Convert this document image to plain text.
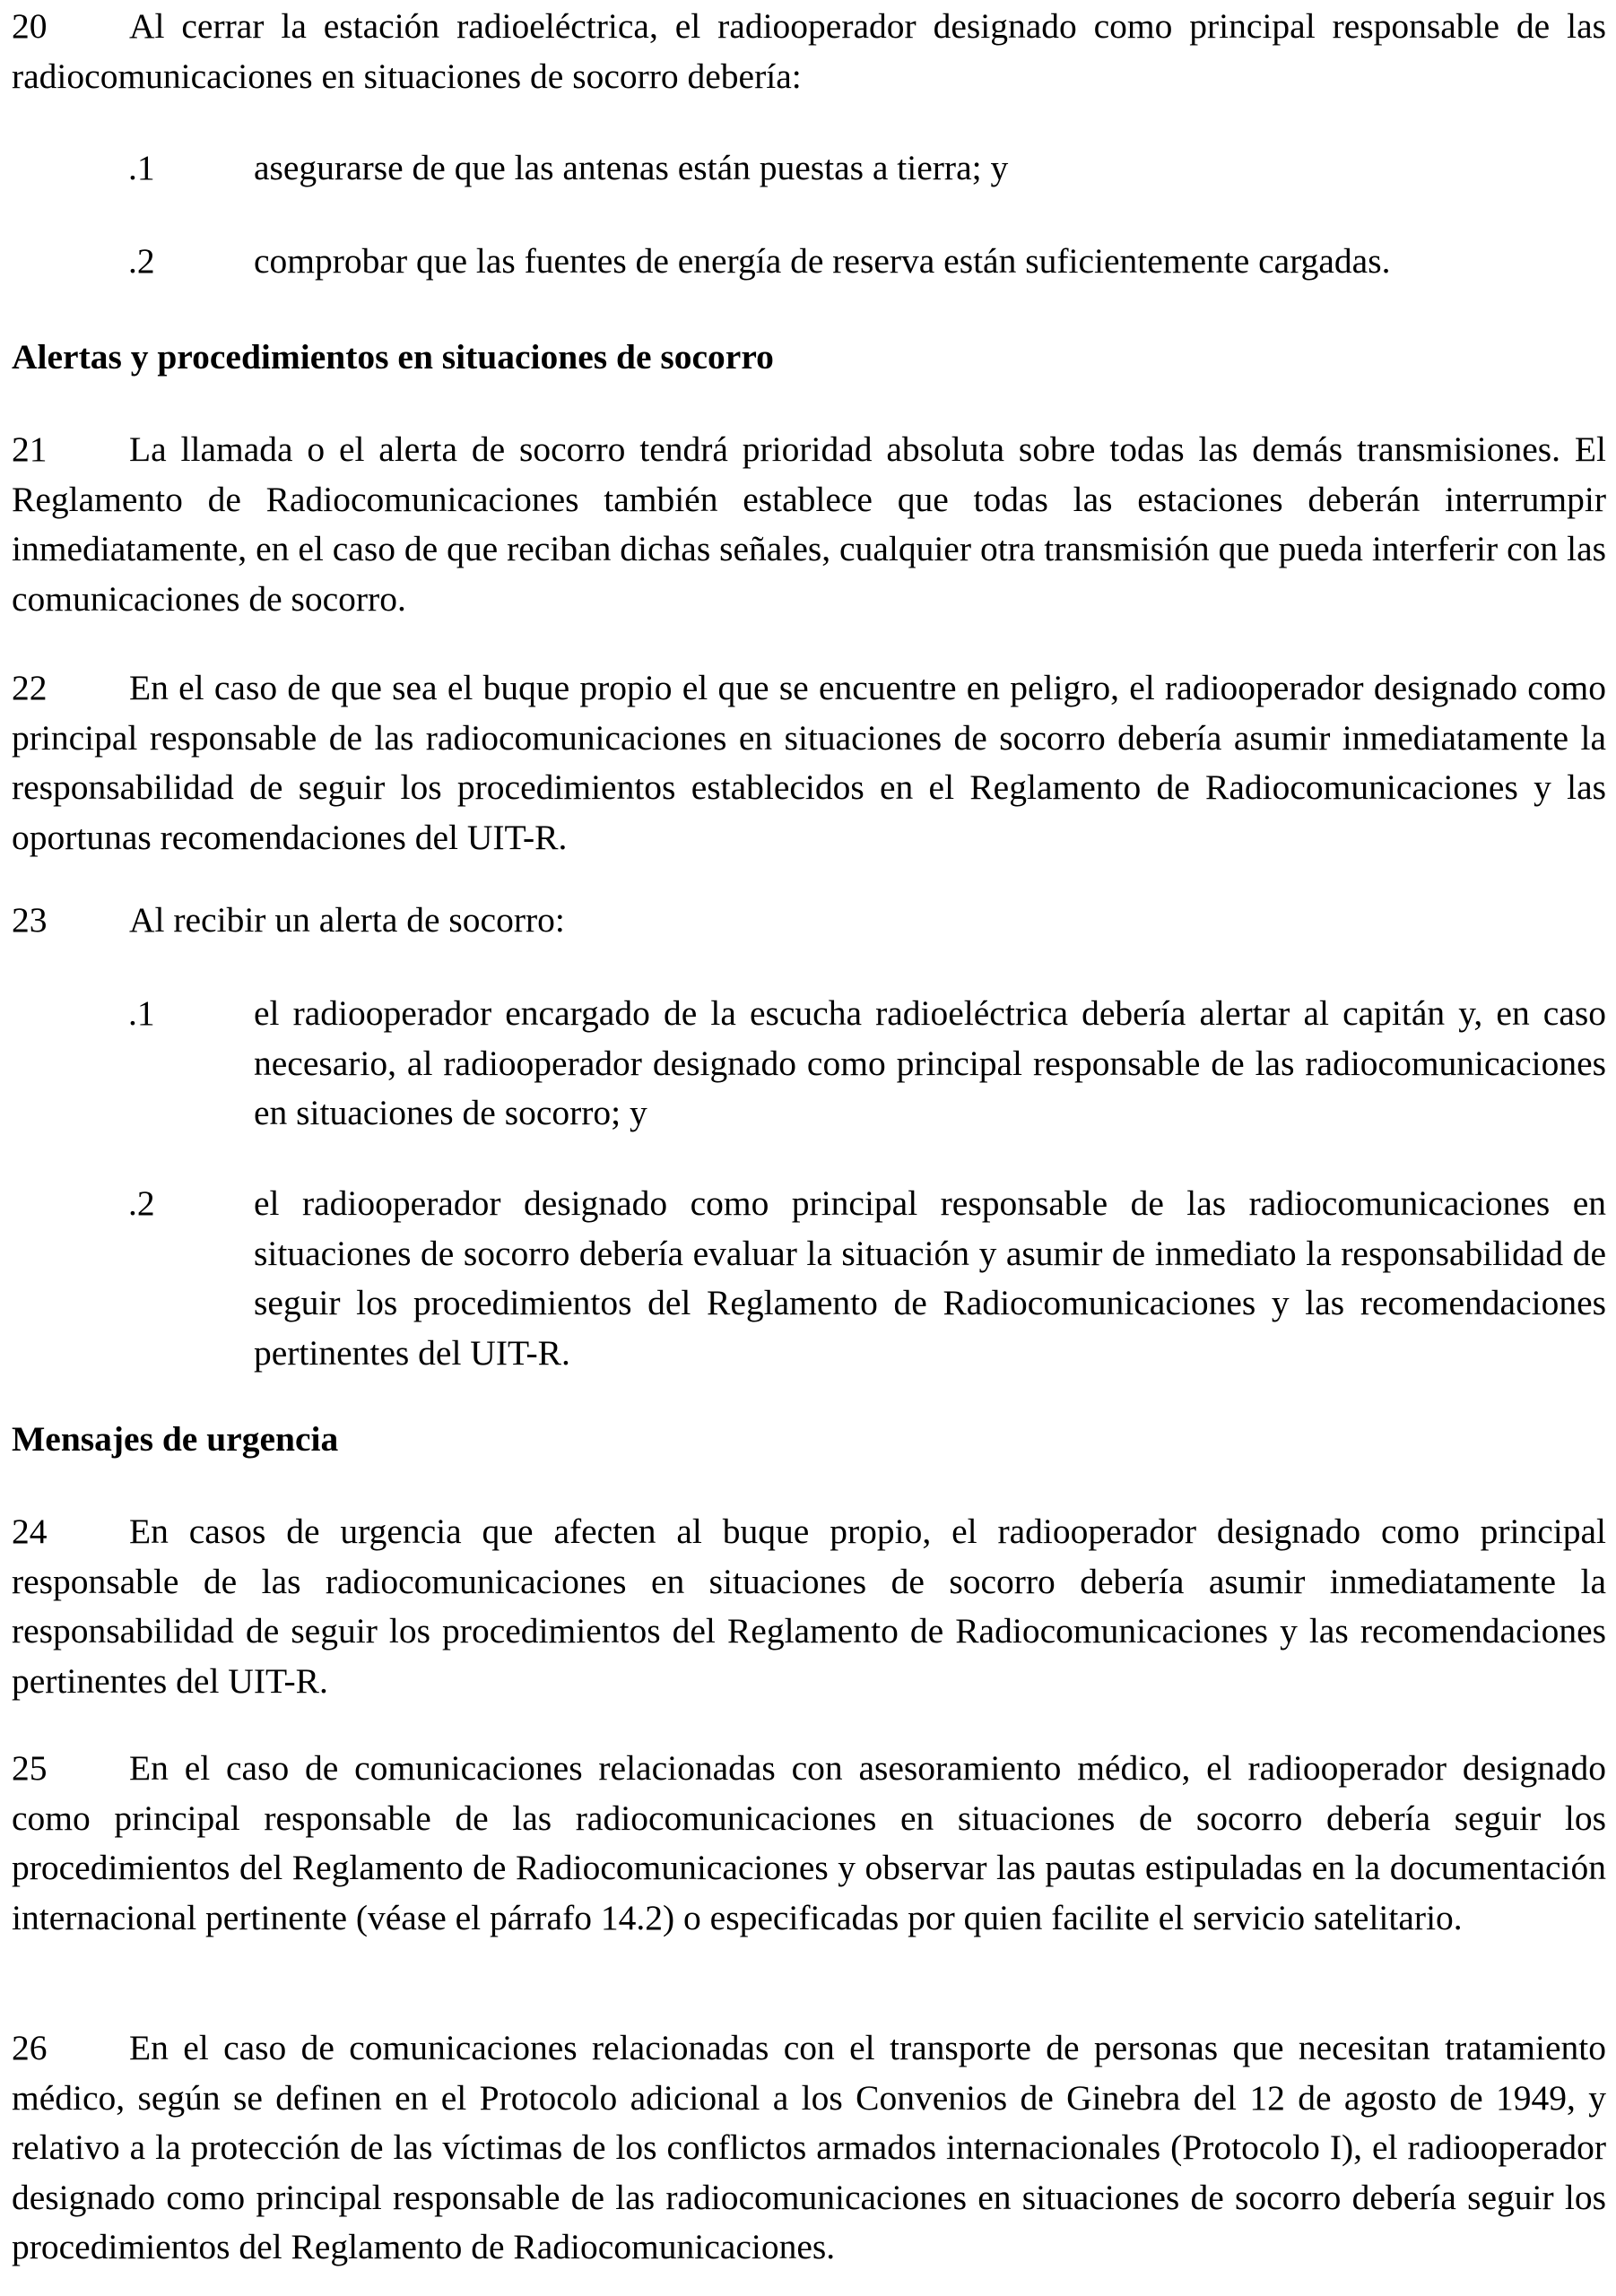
20 Al cerrar la estación radioeléctrica, el radiooperador designado como principal responsable de las radiocomunicaciones en situaciones de socorro debería:

.1	asegurarse de que las antenas están puestas a tierra; y
.2	comprobar que las fuentes de energía de reserva están suficientemente cargadas.
Alertas y procedimientos en situaciones de socorro

21 La llamada o el alerta de socorro tendrá prioridad absoluta sobre todas las demás transmisiones. El Reglamento de Radiocomunicaciones también establece que todas las estaciones deberán interrumpir inmediatamente, en el caso de que reciban dichas señales, cualquier otra transmisión que pueda interferir con las comunicaciones de socorro.

22 En el caso de que sea el buque propio el que se encuentre en peligro, el radiooperador designado como principal responsable de las radiocomunicaciones en situaciones de socorro debería asumir inmediatamente la responsabilidad de seguir los procedimientos establecidos en el Reglamento de Radiocomunicaciones y las oportunas recomendaciones del UIT-R.

23 Al recibir un alerta de socorro:

.1	el radiooperador encargado de la escucha radioeléctrica debería alertar al capitán y, en caso necesario, al radiooperador designado como principal responsable de las radiocomunicaciones en situaciones de socorro; y
.2	el radiooperador designado como principal responsable de las radiocomunicaciones en situaciones de socorro debería evaluar la situación y asumir de inmediato la responsabilidad de seguir los procedimientos del Reglamento de Radiocomunicaciones y las recomendaciones pertinentes del UIT-R.
Mensajes de urgencia

24 En casos de urgencia que afecten al buque propio, el radiooperador designado como principal responsable de las radiocomunicaciones en situaciones de socorro debería asumir inmediatamente la responsabilidad de seguir los procedimientos del Reglamento de Radiocomunicaciones y las recomendaciones pertinentes del UIT-R.

25 En el caso de comunicaciones relacionadas con asesoramiento médico, el radiooperador designado como principal responsable de las radiocomunicaciones en situaciones de socorro debería seguir los procedimientos del Reglamento de Radiocomunicaciones y observar las pautas estipuladas en la documentación internacional pertinente (véase el párrafo 14.2) o especificadas por quien facilite el servicio satelitario.

26 En el caso de comunicaciones relacionadas con el transporte de personas que necesitan tratamiento médico, según se definen en el Protocolo adicional a los Convenios de Ginebra del 12 de agosto de 1949, y relativo a la protección de las víctimas de los conflictos armados internacionales (Protocolo I), el radiooperador designado como principal responsable de las radiocomunicaciones en situaciones de socorro debería seguir los procedimientos del Reglamento de Radiocomunicaciones.
